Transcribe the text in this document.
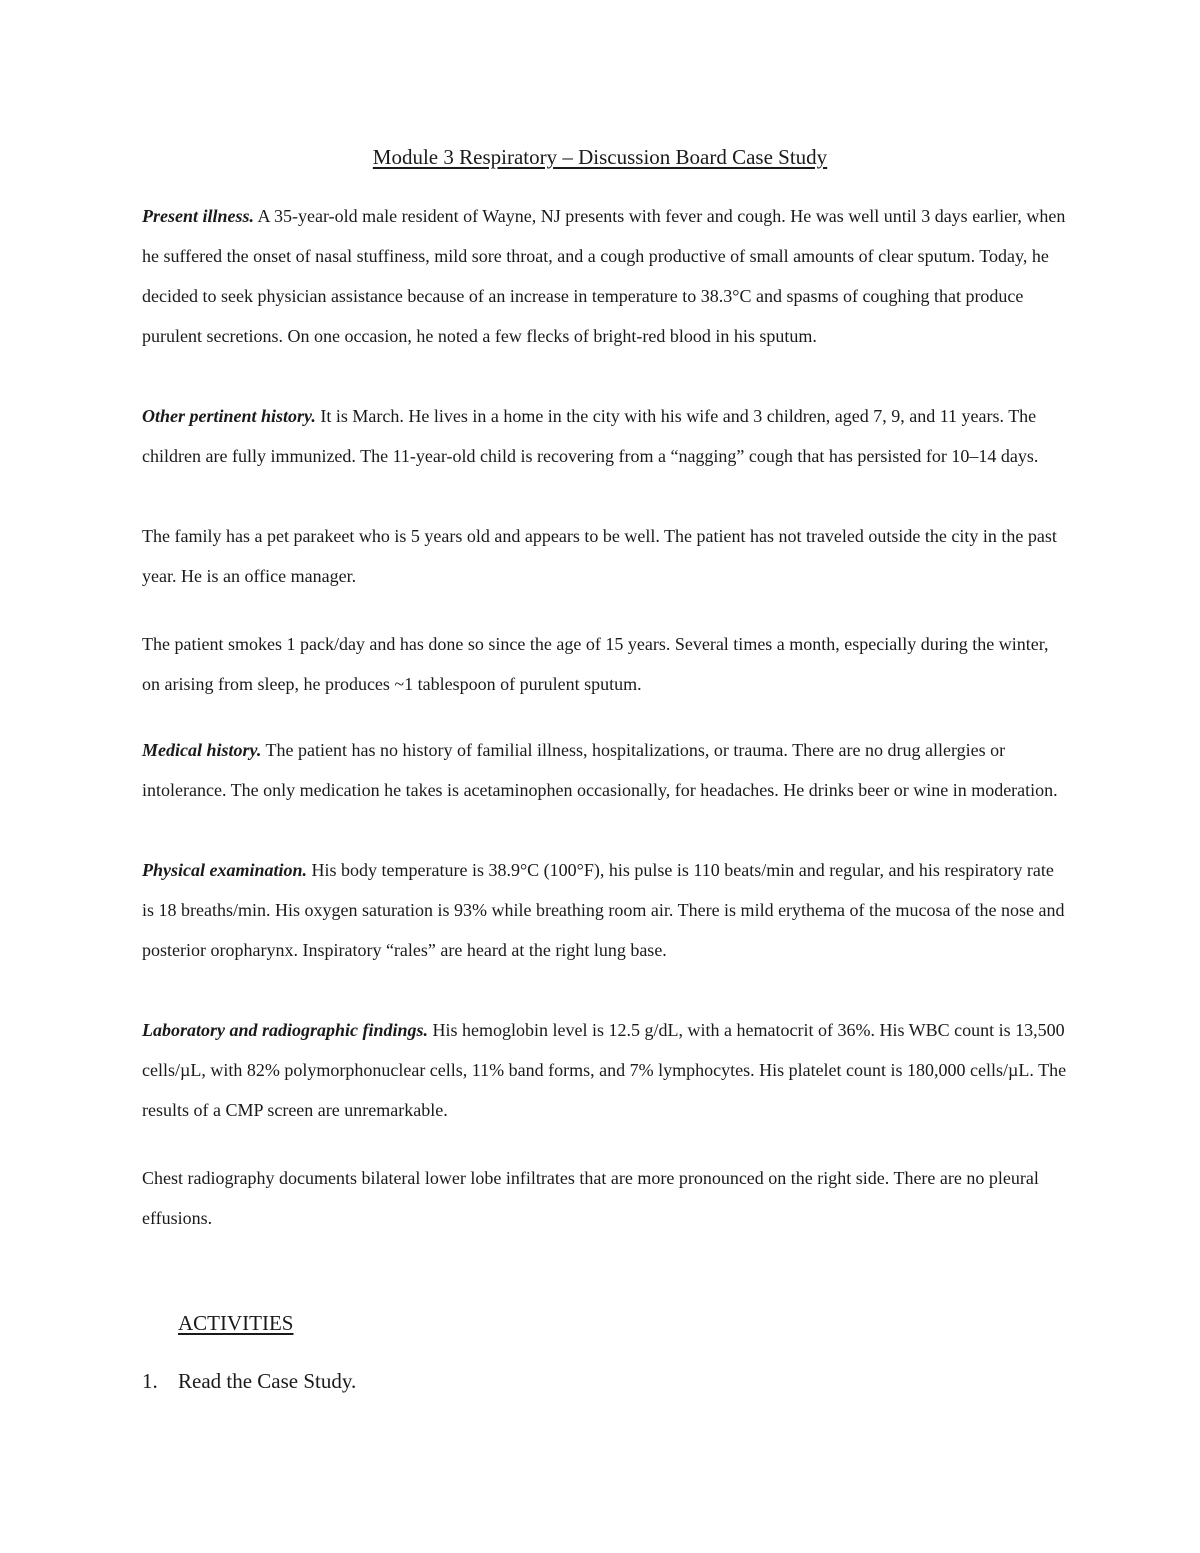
Module 3 Respiratory – Discussion Board Case Study

Present illness. A 35-year-old male resident of Wayne, NJ presents with fever and cough. He was well until 3 days earlier, when he suffered the onset of nasal stuffiness, mild sore throat, and a cough productive of small amounts of clear sputum. Today, he decided to seek physician assistance because of an increase in temperature to 38.3°C and spasms of coughing that produce purulent secretions. On one occasion, he noted a few flecks of bright-red blood in his sputum.

Other pertinent history. It is March. He lives in a home in the city with his wife and 3 children, aged 7, 9, and 11 years. The children are fully immunized. The 11-year-old child is recovering from a “nagging” cough that has persisted for 10–14 days.

The family has a pet parakeet who is 5 years old and appears to be well. The patient has not traveled outside the city in the past year. He is an office manager.

The patient smokes 1 pack/day and has done so since the age of 15 years. Several times a month, especially during the winter, on arising from sleep, he produces ~1 tablespoon of purulent sputum.

Medical history. The patient has no history of familial illness, hospitalizations, or trauma. There are no drug allergies or intolerance. The only medication he takes is acetaminophen occasionally, for headaches. He drinks beer or wine in moderation.

Physical examination. His body temperature is 38.9°C (100°F), his pulse is 110 beats/min and regular, and his respiratory rate is 18 breaths/min. His oxygen saturation is 93% while breathing room air. There is mild erythema of the mucosa of the nose and posterior oropharynx. Inspiratory “rales” are heard at the right lung base.

Laboratory and radiographic findings. His hemoglobin level is 12.5 g/dL, with a hematocrit of 36%. His WBC count is 13,500 cells/µL, with 82% polymorphonuclear cells, 11% band forms, and 7% lymphocytes. His platelet count is 180,000 cells/µL. The results of a CMP screen are unremarkable.

Chest radiography documents bilateral lower lobe infiltrates that are more pronounced on the right side. There are no pleural effusions.

ACTIVITIES
1. Read the Case Study.
